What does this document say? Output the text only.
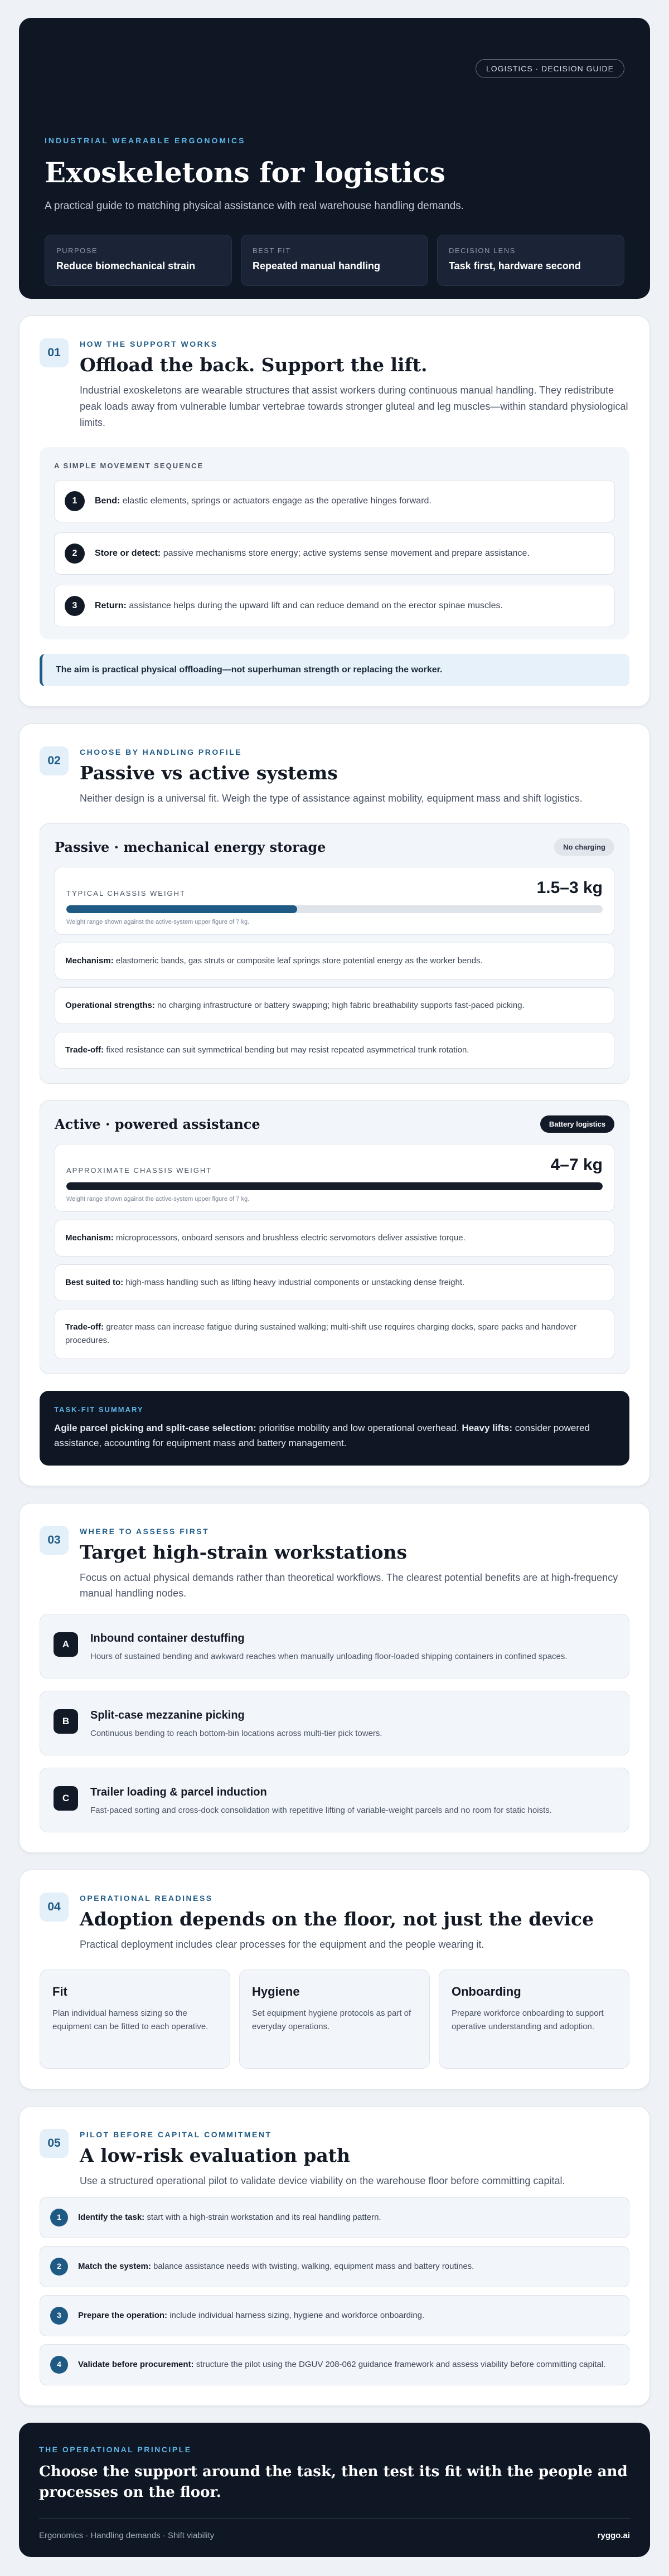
LOGISTICS · DECISION GUIDE
INDUSTRIAL WEARABLE ERGONOMICS
Exoskeletons for logistics
A practical guide to matching physical assistance with real warehouse handling demands.
PURPOSE
Reduce biomechanical strain
BEST FIT
Repeated manual handling
DECISION LENS
Task first, hardware second
01
HOW THE SUPPORT WORKS
Offload the back. Support the lift.

Industrial exoskeletons are wearable structures that assist workers during continuous manual handling. They redistribute peak loads away from vulnerable lumbar vertebrae towards stronger gluteal and leg muscles—within standard physiological limits.

A SIMPLE MOVEMENT SEQUENCE
1	Bend: elastic elements, springs or actuators engage as the operative hinges forward.
2	Store or detect: passive mechanisms store energy; active systems sense movement and prepare assistance.
3	Return: assistance helps during the upward lift and can reduce demand on the erector spinae muscles.
The aim is practical physical offloading—not superhuman strength or replacing the worker.
02
CHOOSE BY HANDLING PROFILE
Passive vs active systems

Neither design is a universal fit. Weigh the type of assistance against mobility, equipment mass and shift logistics.

Passive · mechanical energy storage	No charging
TYPICAL CHASSIS WEIGHT	1.5–3 kg
Weight range shown against the active-system upper figure of 7 kg.
Mechanism: elastomeric bands, gas struts or composite leaf springs store potential energy as the worker bends.
Operational strengths: no charging infrastructure or battery swapping; high fabric breathability supports fast-paced picking.
Trade-off: fixed resistance can suit symmetrical bending but may resist repeated asymmetrical trunk rotation.
Active · powered assistance	Battery logistics
APPROXIMATE CHASSIS WEIGHT	4–7 kg
Weight range shown against the active-system upper figure of 7 kg.
Mechanism: microprocessors, onboard sensors and brushless electric servomotors deliver assistive torque.
Best suited to: high-mass handling such as lifting heavy industrial components or unstacking dense freight.
Trade-off: greater mass can increase fatigue during sustained walking; multi-shift use requires charging docks, spare packs and handover procedures.
TASK-FIT SUMMARY
Agile parcel picking and split-case selection: prioritise mobility and low operational overhead. Heavy lifts: consider powered assistance, accounting for equipment mass and battery management.
03
WHERE TO ASSESS FIRST
Target high-strain workstations

Focus on actual physical demands rather than theoretical workflows. The clearest potential benefits are at high-frequency manual handling nodes.

A	Inbound container destuffing
Hours of sustained bending and awkward reaches when manually unloading floor-loaded shipping containers in confined spaces.
B	Split-case mezzanine picking
Continuous bending to reach bottom-bin locations across multi-tier pick towers.
C	Trailer loading & parcel induction
Fast-paced sorting and cross-dock consolidation with repetitive lifting of variable-weight parcels and no room for static hoists.
04
OPERATIONAL READINESS
Adoption depends on the floor, not just the device

Practical deployment includes clear processes for the equipment and the people wearing it.

Fit
Plan individual harness sizing so the equipment can be fitted to each operative.
Hygiene
Set equipment hygiene protocols as part of everyday operations.
Onboarding
Prepare workforce onboarding to support operative understanding and adoption.
05
PILOT BEFORE CAPITAL COMMITMENT
A low-risk evaluation path

Use a structured operational pilot to validate device viability on the warehouse floor before committing capital.

1	Identify the task: start with a high-strain workstation and its real handling pattern.
2	Match the system: balance assistance needs with twisting, walking, equipment mass and battery routines.
3	Prepare the operation: include individual harness sizing, hygiene and workforce onboarding.
4	Validate before procurement: structure the pilot using the DGUV 208-062 guidance framework and assess viability before committing capital.
THE OPERATIONAL PRINCIPLE
Choose the support around the task, then test its fit with the people and processes on the floor.
Ergonomics · Handling demands · Shift viability	ryggo.ai
